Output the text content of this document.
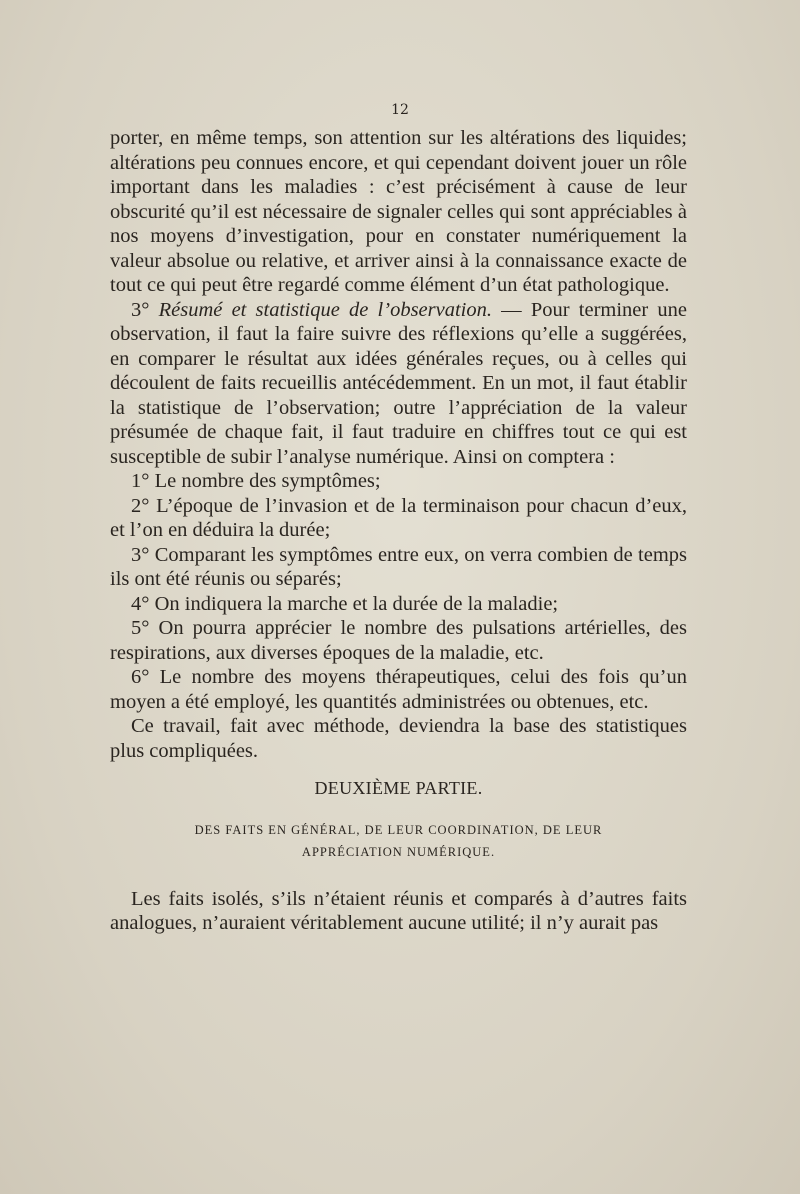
12

porter, en même temps, son attention sur les altérations des liquides; altérations peu connues encore, et qui cependant doivent jouer un rôle important dans les maladies : c’est précisément à cause de leur obscurité qu’il est nécessaire de signaler celles qui sont appréciables à nos moyens d’investigation, pour en constater numériquement la valeur absolue ou relative, et arriver ainsi à la connaissance exacte de tout ce qui peut être regardé comme élément d’un état pathologique.

3° Résumé et statistique de l’observation. — Pour terminer une observation, il faut la faire suivre des réflexions qu’elle a suggérées, en comparer le résultat aux idées générales reçues, ou à celles qui découlent de faits recueillis antécédemment. En un mot, il faut établir la statistique de l’observation; outre l’appréciation de la valeur présumée de chaque fait, il faut traduire en chiffres tout ce qui est susceptible de subir l’analyse numérique. Ainsi on comptera :

1° Le nombre des symptômes;

2° L’époque de l’invasion et de la terminaison pour chacun d’eux, et l’on en déduira la durée;

3° Comparant les symptômes entre eux, on verra combien de temps ils ont été réunis ou séparés;

4° On indiquera la marche et la durée de la maladie;

5° On pourra apprécier le nombre des pulsations artérielles, des respirations, aux diverses époques de la maladie, etc.

6° Le nombre des moyens thérapeutiques, celui des fois qu’un moyen a été employé, les quantités administrées ou obtenues, etc.

Ce travail, fait avec méthode, deviendra la base des statistiques plus compliquées.

DEUXIÈME PARTIE.
DES FAITS EN GÉNÉRAL, DE LEUR COORDINATION, DE LEUR
APPRÉCIATION NUMÉRIQUE.

Les faits isolés, s’ils n’étaient réunis et comparés à d’autres faits analogues, n’auraient véritablement aucune utilité; il n’y aurait pas
